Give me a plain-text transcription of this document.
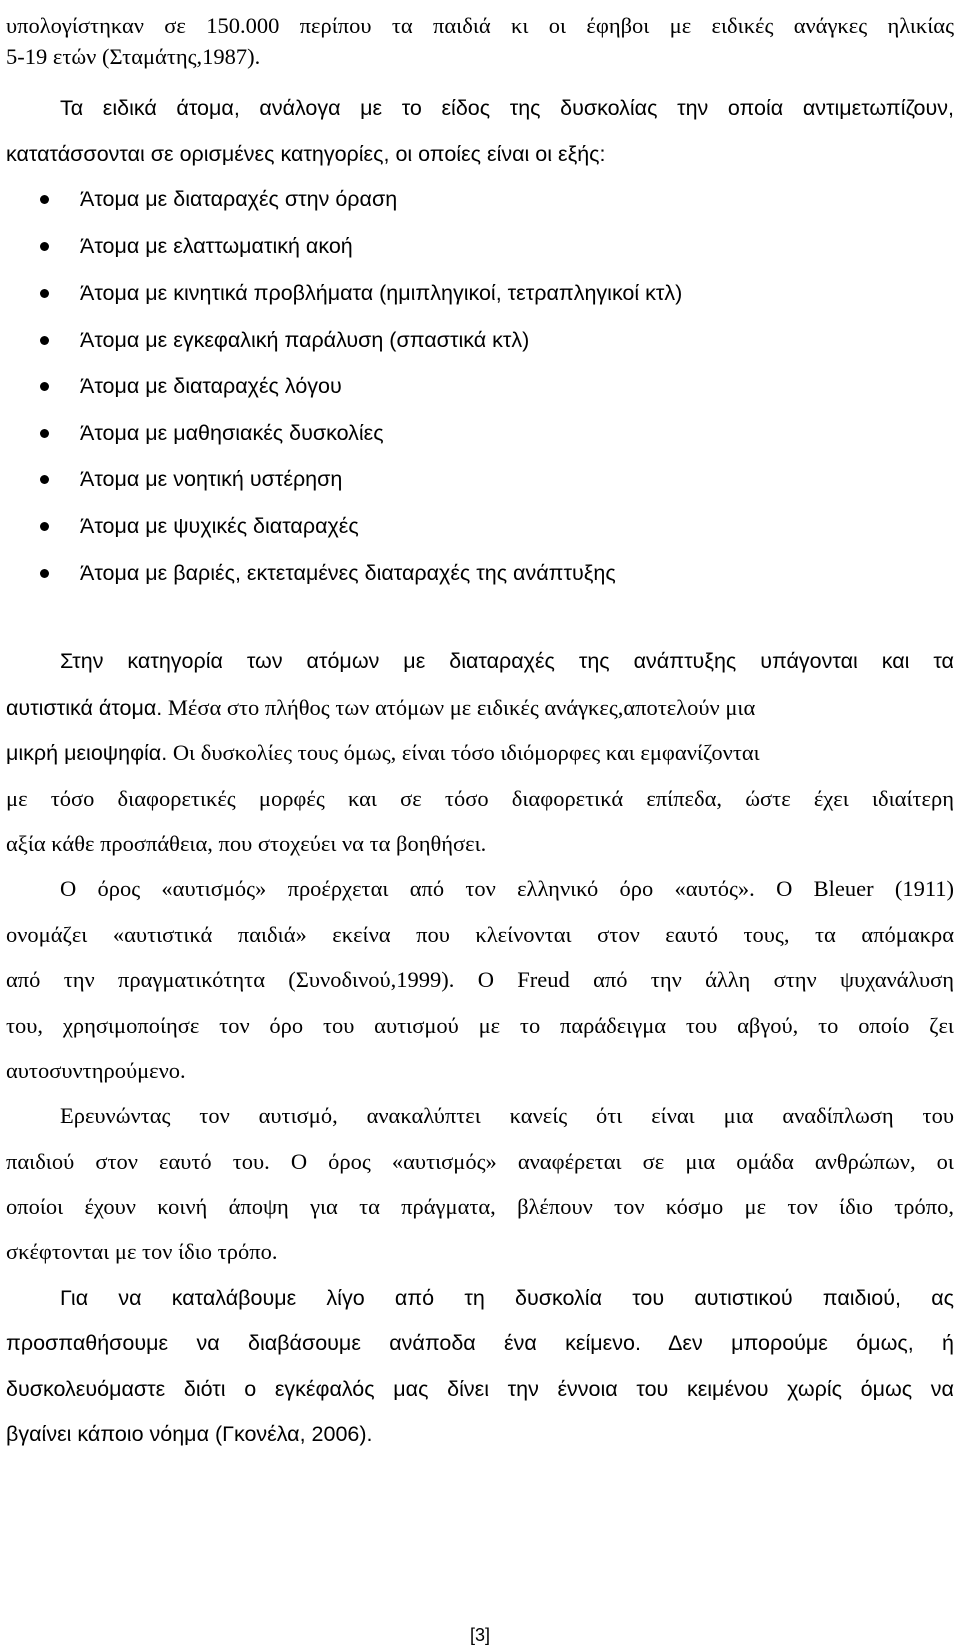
υπολογίστηκαν σε 150.000 περίπου τα παιδιά κι οι έφηβοι με ειδικές ανάγκες ηλικίας
5-19 ετών (Σταμάτης,1987).
Τα ειδικά άτομα, ανάλογα με το είδος της δυσκολίας την οποία αντιμετωπίζουν,
κατατάσσονται σε ορισμένες κατηγορίες, οι οποίες είναι οι εξής:
Άτομα με διαταραχές στην όραση
Άτομα με ελαττωματική ακοή
Άτομα με κινητικά προβλήματα (ημιπληγικοί, τετραπληγικοί κτλ)
Άτομα με εγκεφαλική παράλυση (σπαστικά κτλ)
Άτομα με διαταραχές λόγου
Άτομα με μαθησιακές δυσκολίες
Άτομα με νοητική υστέρηση
Άτομα με ψυχικές διαταραχές
Άτομα με βαριές, εκτεταμένες διαταραχές της ανάπτυξης
Στην κατηγορία των ατόμων με διαταραχές της ανάπτυξης υπάγονται και τα
αυτιστικά άτομα. Μέσα στο πλήθος των ατόμων με ειδικές ανάγκες,αποτελούν μια
μικρή μειοψηφία. Οι δυσκολίες τους όμως, είναι τόσο ιδιόμορφες και εμφανίζονται
με τόσο διαφορετικές μορφές και σε τόσο διαφορετικά επίπεδα, ώστε έχει ιδιαίτερη
αξία κάθε προσπάθεια, που στοχεύει να τα βοηθήσει.
Ο όρος «αυτισμός» προέρχεται από τον ελληνικό όρο «αυτός». Ο Bleuer (1911)
ονομάζει «αυτιστικά παιδιά» εκείνα που κλείνονται στον εαυτό τους, τα απόμακρα
από την πραγματικότητα (Συνοδινού,1999). Ο Freud από την άλλη στην ψυχανάλυση
του, χρησιμοποίησε τον όρο του αυτισμού με το παράδειγμα του αβγού, το οποίο ζει
αυτοσυντηρούμενο.
Ερευνώντας τον αυτισμό, ανακαλύπτει κανείς ότι είναι μια αναδίπλωση του
παιδιού στον εαυτό του. Ο όρος «αυτισμός» αναφέρεται σε μια ομάδα ανθρώπων, οι
οποίοι έχουν κοινή άποψη για τα πράγματα, βλέπουν τον κόσμο με τον ίδιο τρόπο,
σκέφτονται με τον ίδιο τρόπο.
Για να καταλάβουμε λίγο από τη δυσκολία του αυτιστικού παιδιού, ας
προσπαθήσουμε να διαβάσουμε ανάποδα ένα κείμενο. Δεν μπορούμε όμως, ή
δυσκολευόμαστε διότι ο εγκέφαλός μας δίνει την έννοια του κειμένου χωρίς όμως να
βγαίνει κάποιο νόημα (Γκονέλα, 2006).
[3]
